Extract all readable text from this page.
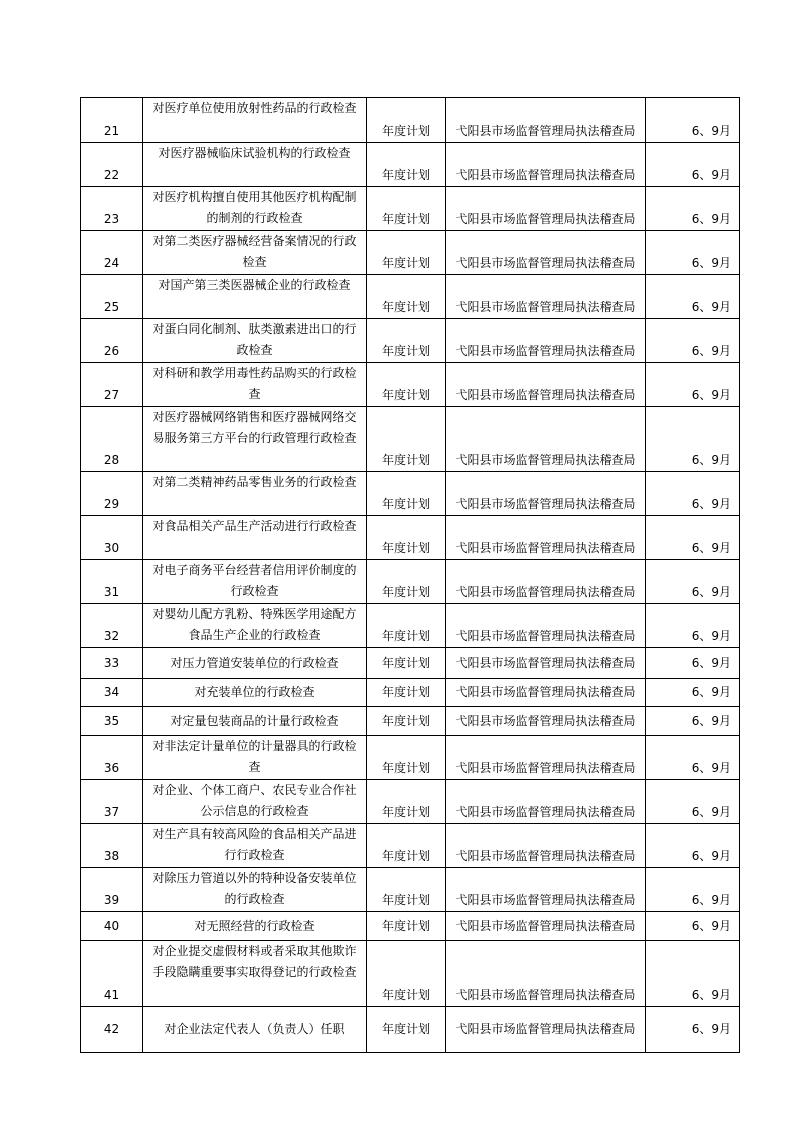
21	对医疗单位使用放射性药品的行政检查	年度计划	弋阳县市场监督管理局执法稽查局	6、9月
22	对医疗器械临床试验机构的行政检查	年度计划	弋阳县市场监督管理局执法稽查局	6、9月
23	对医疗机构擅自使用其他医疗机构配制的制剂的行政检查	年度计划	弋阳县市场监督管理局执法稽查局	6、9月
24	对第二类医疗器械经营备案情况的行政检查	年度计划	弋阳县市场监督管理局执法稽查局	6、9月
25	对国产第三类医器械企业的行政检查	年度计划	弋阳县市场监督管理局执法稽查局	6、9月
26	对蛋白同化制剂、肽类激素进出口的行政检查	年度计划	弋阳县市场监督管理局执法稽查局	6、9月
27	对科研和教学用毒性药品购买的行政检查	年度计划	弋阳县市场监督管理局执法稽查局	6、9月
28	对医疗器械网络销售和医疗器械网络交易服务第三方平台的行政管理行政检查	年度计划	弋阳县市场监督管理局执法稽查局	6、9月
29	对第二类精神药品零售业务的行政检查	年度计划	弋阳县市场监督管理局执法稽查局	6、9月
30	对食品相关产品生产活动进行行政检查	年度计划	弋阳县市场监督管理局执法稽查局	6、9月
31	对电子商务平台经营者信用评价制度的行政检查	年度计划	弋阳县市场监督管理局执法稽查局	6、9月
32	对婴幼儿配方乳粉、特殊医学用途配方食品生产企业的行政检查	年度计划	弋阳县市场监督管理局执法稽查局	6、9月
33	对压力管道安装单位的行政检查	年度计划	弋阳县市场监督管理局执法稽查局	6、9月
34	对充装单位的行政检查	年度计划	弋阳县市场监督管理局执法稽查局	6、9月
35	对定量包装商品的计量行政检查	年度计划	弋阳县市场监督管理局执法稽查局	6、9月
36	对非法定计量单位的计量器具的行政检查	年度计划	弋阳县市场监督管理局执法稽查局	6、9月
37	对企业、个体工商户、农民专业合作社公示信息的行政检查	年度计划	弋阳县市场监督管理局执法稽查局	6、9月
38	对生产具有较高风险的食品相关产品进行行政检查	年度计划	弋阳县市场监督管理局执法稽查局	6、9月
39	对除压力管道以外的特种设备安装单位的行政检查	年度计划	弋阳县市场监督管理局执法稽查局	6、9月
40	对无照经营的行政检查	年度计划	弋阳县市场监督管理局执法稽查局	6、9月
41	对企业提交虚假材料或者采取其他欺诈手段隐瞒重要事实取得登记的行政检查	年度计划	弋阳县市场监督管理局执法稽查局	6、9月
42	对企业法定代表人（负责人）任职	年度计划	弋阳县市场监督管理局执法稽查局	6、9月
